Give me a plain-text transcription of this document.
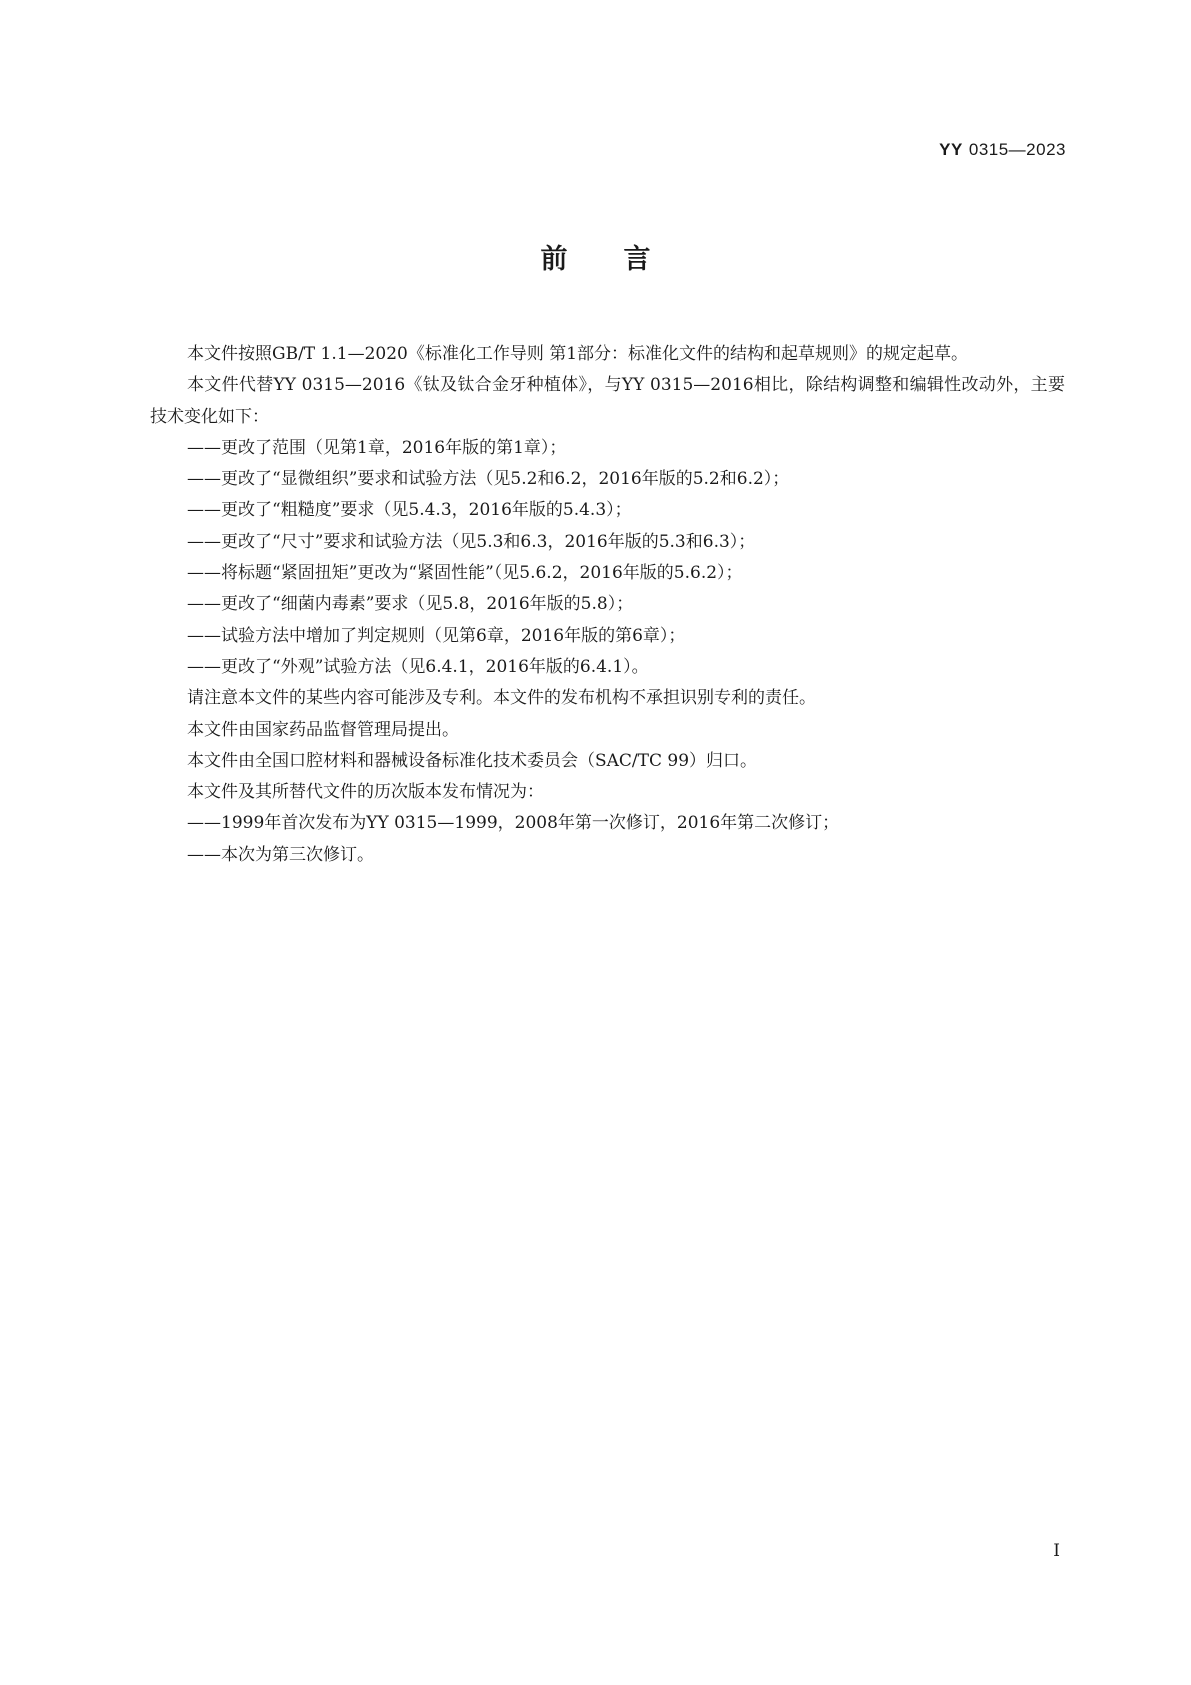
YY 0315—2023
前言

本文件按照GB/T 1.1—2020《标准化工作导则 第1部分：标准化文件的结构和起草规则》的规定起草。

本文件代替YY 0315—2016《钛及钛合金牙种植体》，与YY 0315—2016相比，除结构调整和编辑性改动外，主要技术变化如下：

——更改了范围（见第1章，2016年版的第1章）；

——更改了“显微组织”要求和试验方法（见5.2和6.2，2016年版的5.2和6.2）；

——更改了“粗糙度”要求（见5.4.3，2016年版的5.4.3）；

——更改了“尺寸”要求和试验方法（见5.3和6.3，2016年版的5.3和6.3）；

——将标题“紧固扭矩”更改为“紧固性能”（见5.6.2，2016年版的5.6.2）；

——更改了“细菌内毒素”要求（见5.8，2016年版的5.8）；

——试验方法中增加了判定规则（见第6章，2016年版的第6章）；

——更改了“外观”试验方法（见6.4.1，2016年版的6.4.1）。

请注意本文件的某些内容可能涉及专利。本文件的发布机构不承担识别专利的责任。

本文件由国家药品监督管理局提出。

本文件由全国口腔材料和器械设备标准化技术委员会（SAC/TC 99）归口。

本文件及其所替代文件的历次版本发布情况为：

——1999年首次发布为YY 0315—1999，2008年第一次修订，2016年第二次修订；

——本次为第三次修订。

I
